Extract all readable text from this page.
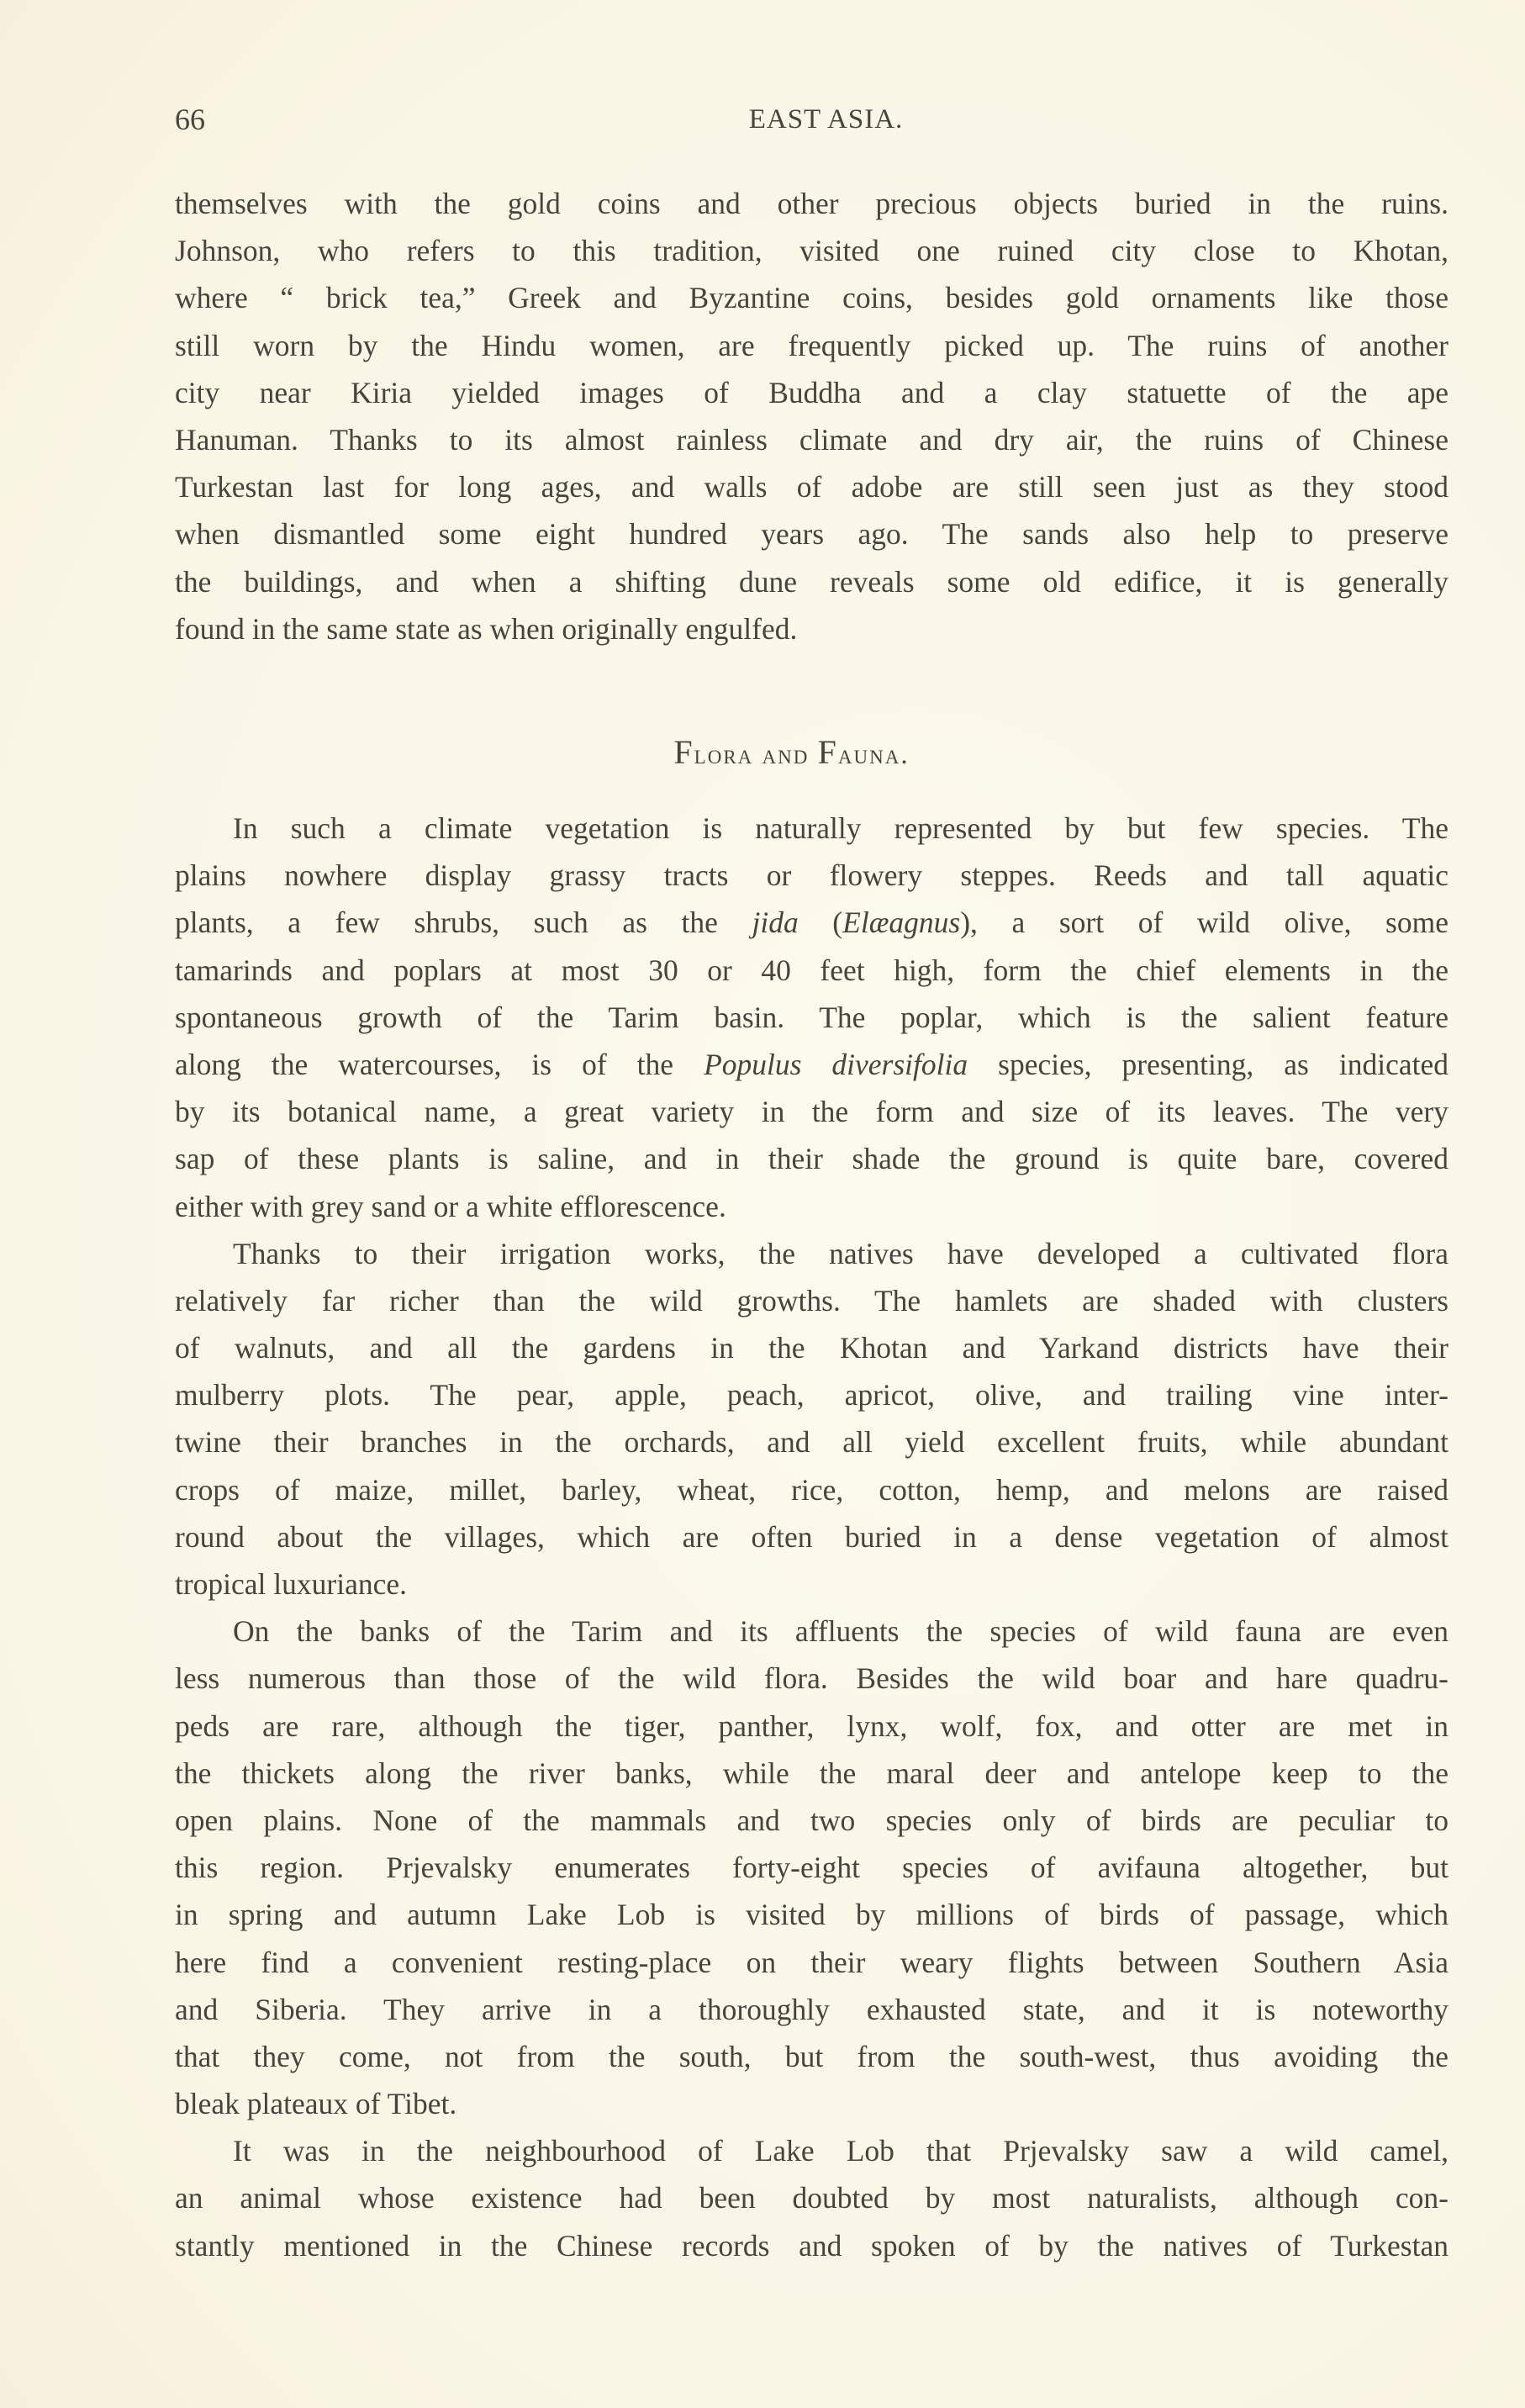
66	EAST ASIA.
themselves with the gold coins and other precious objects buried in the ruins.
Johnson, who refers to this tradition, visited one ruined city close to Khotan,
where “ brick tea,” Greek and Byzantine coins, besides gold ornaments like those
still worn by the Hindu women, are frequently picked up. The ruins of another
city near Kiria yielded images of Buddha and a clay statuette of the ape
Hanuman. Thanks to its almost rainless climate and dry air, the ruins of Chinese
Turkestan last for long ages, and walls of adobe are still seen just as they stood
when dismantled some eight hundred years ago. The sands also help to preserve
the buildings, and when a shifting dune reveals some old edifice, it is generally
found in the same state as when originally engulfed.
Flora and Fauna.
In such a climate vegetation is naturally represented by but few species. The
plains nowhere display grassy tracts or flowery steppes. Reeds and tall aquatic
plants, a few shrubs, such as the jida (Elæagnus), a sort of wild olive, some
tamarinds and poplars at most 30 or 40 feet high, form the chief elements in the
spontaneous growth of the Tarim basin. The poplar, which is the salient feature
along the watercourses, is of the Populus diversifolia species, presenting, as indicated
by its botanical name, a great variety in the form and size of its leaves. The very
sap of these plants is saline, and in their shade the ground is quite bare, covered
either with grey sand or a white efflorescence.
Thanks to their irrigation works, the natives have developed a cultivated flora
relatively far richer than the wild growths. The hamlets are shaded with clusters
of walnuts, and all the gardens in the Khotan and Yarkand districts have their
mulberry plots. The pear, apple, peach, apricot, olive, and trailing vine inter-
twine their branches in the orchards, and all yield excellent fruits, while abundant
crops of maize, millet, barley, wheat, rice, cotton, hemp, and melons are raised
round about the villages, which are often buried in a dense vegetation of almost
tropical luxuriance.
On the banks of the Tarim and its affluents the species of wild fauna are even
less numerous than those of the wild flora. Besides the wild boar and hare quadru-
peds are rare, although the tiger, panther, lynx, wolf, fox, and otter are met in
the thickets along the river banks, while the maral deer and antelope keep to the
open plains. None of the mammals and two species only of birds are peculiar to
this region. Prjevalsky enumerates forty-eight species of avifauna altogether, but
in spring and autumn Lake Lob is visited by millions of birds of passage, which
here find a convenient resting-place on their weary flights between Southern Asia
and Siberia. They arrive in a thoroughly exhausted state, and it is noteworthy
that they come, not from the south, but from the south-west, thus avoiding the
bleak plateaux of Tibet.
It was in the neighbourhood of Lake Lob that Prjevalsky saw a wild camel,
an animal whose existence had been doubted by most naturalists, although con-
stantly mentioned in the Chinese records and spoken of by the natives of Turkestan
